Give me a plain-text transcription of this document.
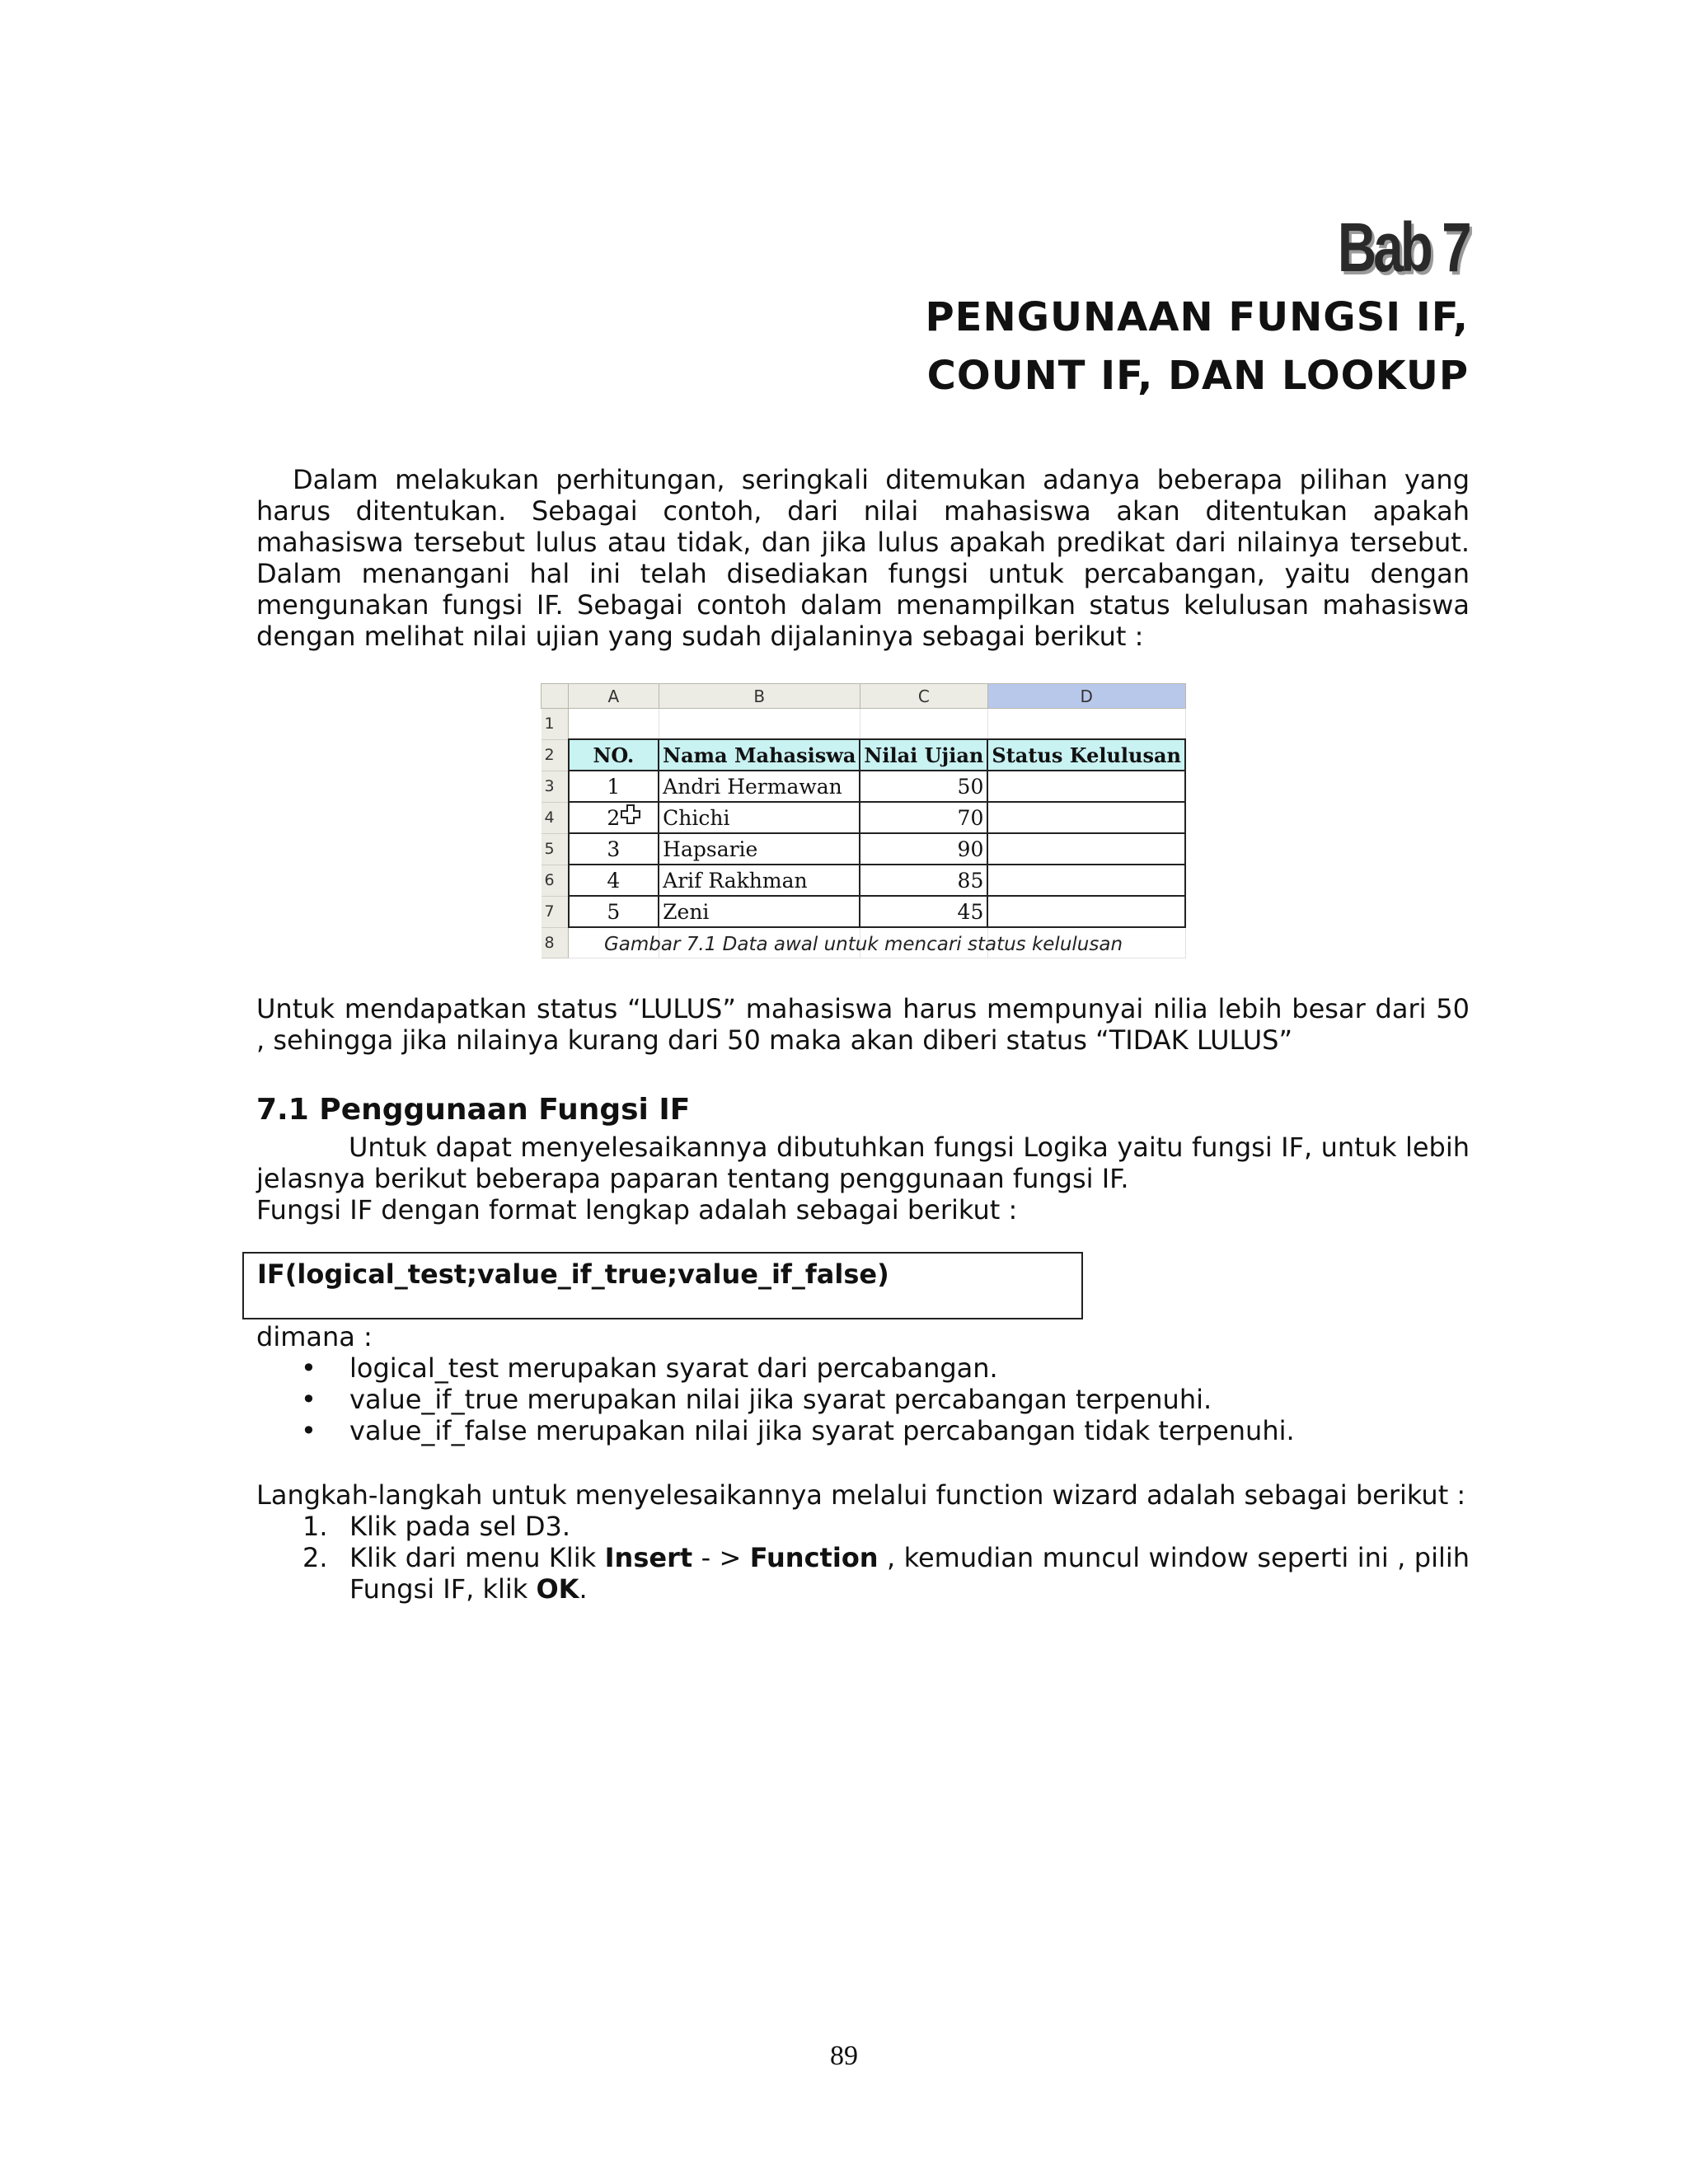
Bab 7
PENGUNAAN FUNGSI IF,
COUNT IF, DAN LOOKUP
Dalam melakukan perhitungan, seringkali ditemukan adanya beberapa pilihan yang harus ditentukan. Sebagai contoh, dari nilai mahasiswa akan ditentukan apakah mahasiswa tersebut lulus atau tidak, dan jika lulus apakah predikat dari nilainya tersebut. Dalam menangani hal ini telah disediakan fungsi untuk percabangan, yaitu dengan mengunakan fungsi IF. Sebagai contoh dalam menampilkan status kelulusan mahasiswa dengan melihat nilai ujian yang sudah dijalaninya sebagai berikut :
	A	B	C	D
1				
2	NO.	Nama Mahasiswa	Nilai Ujian	Status Kelulusan
3	1	Andri Hermawan	50	
4	2	Chichi	70	
5	3	Hapsarie	90	
6	4	Arif Rakhman	85	
7	5	Zeni	45	
8					Gambar 7.1 Data awal untuk mencari status kelulusan
Untuk mendapatkan status “LULUS” mahasiswa harus mempunyai nilia lebih besar dari 50 , sehingga jika nilainya kurang dari 50 maka akan diberi status “TIDAK LULUS”
7.1 Penggunaan Fungsi IF
Untuk dapat menyelesaikannya dibutuhkan fungsi Logika yaitu fungsi IF, untuk lebih jelasnya berikut beberapa paparan tentang penggunaan fungsi IF.
Fungsi IF dengan format lengkap adalah sebagai berikut :
IF(logical_test;value_if_true;value_if_false)
dimana :
• logical_test merupakan syarat dari percabangan.
• value_if_true merupakan nilai jika syarat percabangan terpenuhi.
• value_if_false merupakan nilai jika syarat percabangan tidak terpenuhi.
Langkah-langkah untuk menyelesaikannya melalui function wizard adalah sebagai berikut :
1. Klik pada sel D3.
2. Klik dari menu Klik Insert - > Function , kemudian muncul window seperti ini , pilih Fungsi IF, klik OK.
89
